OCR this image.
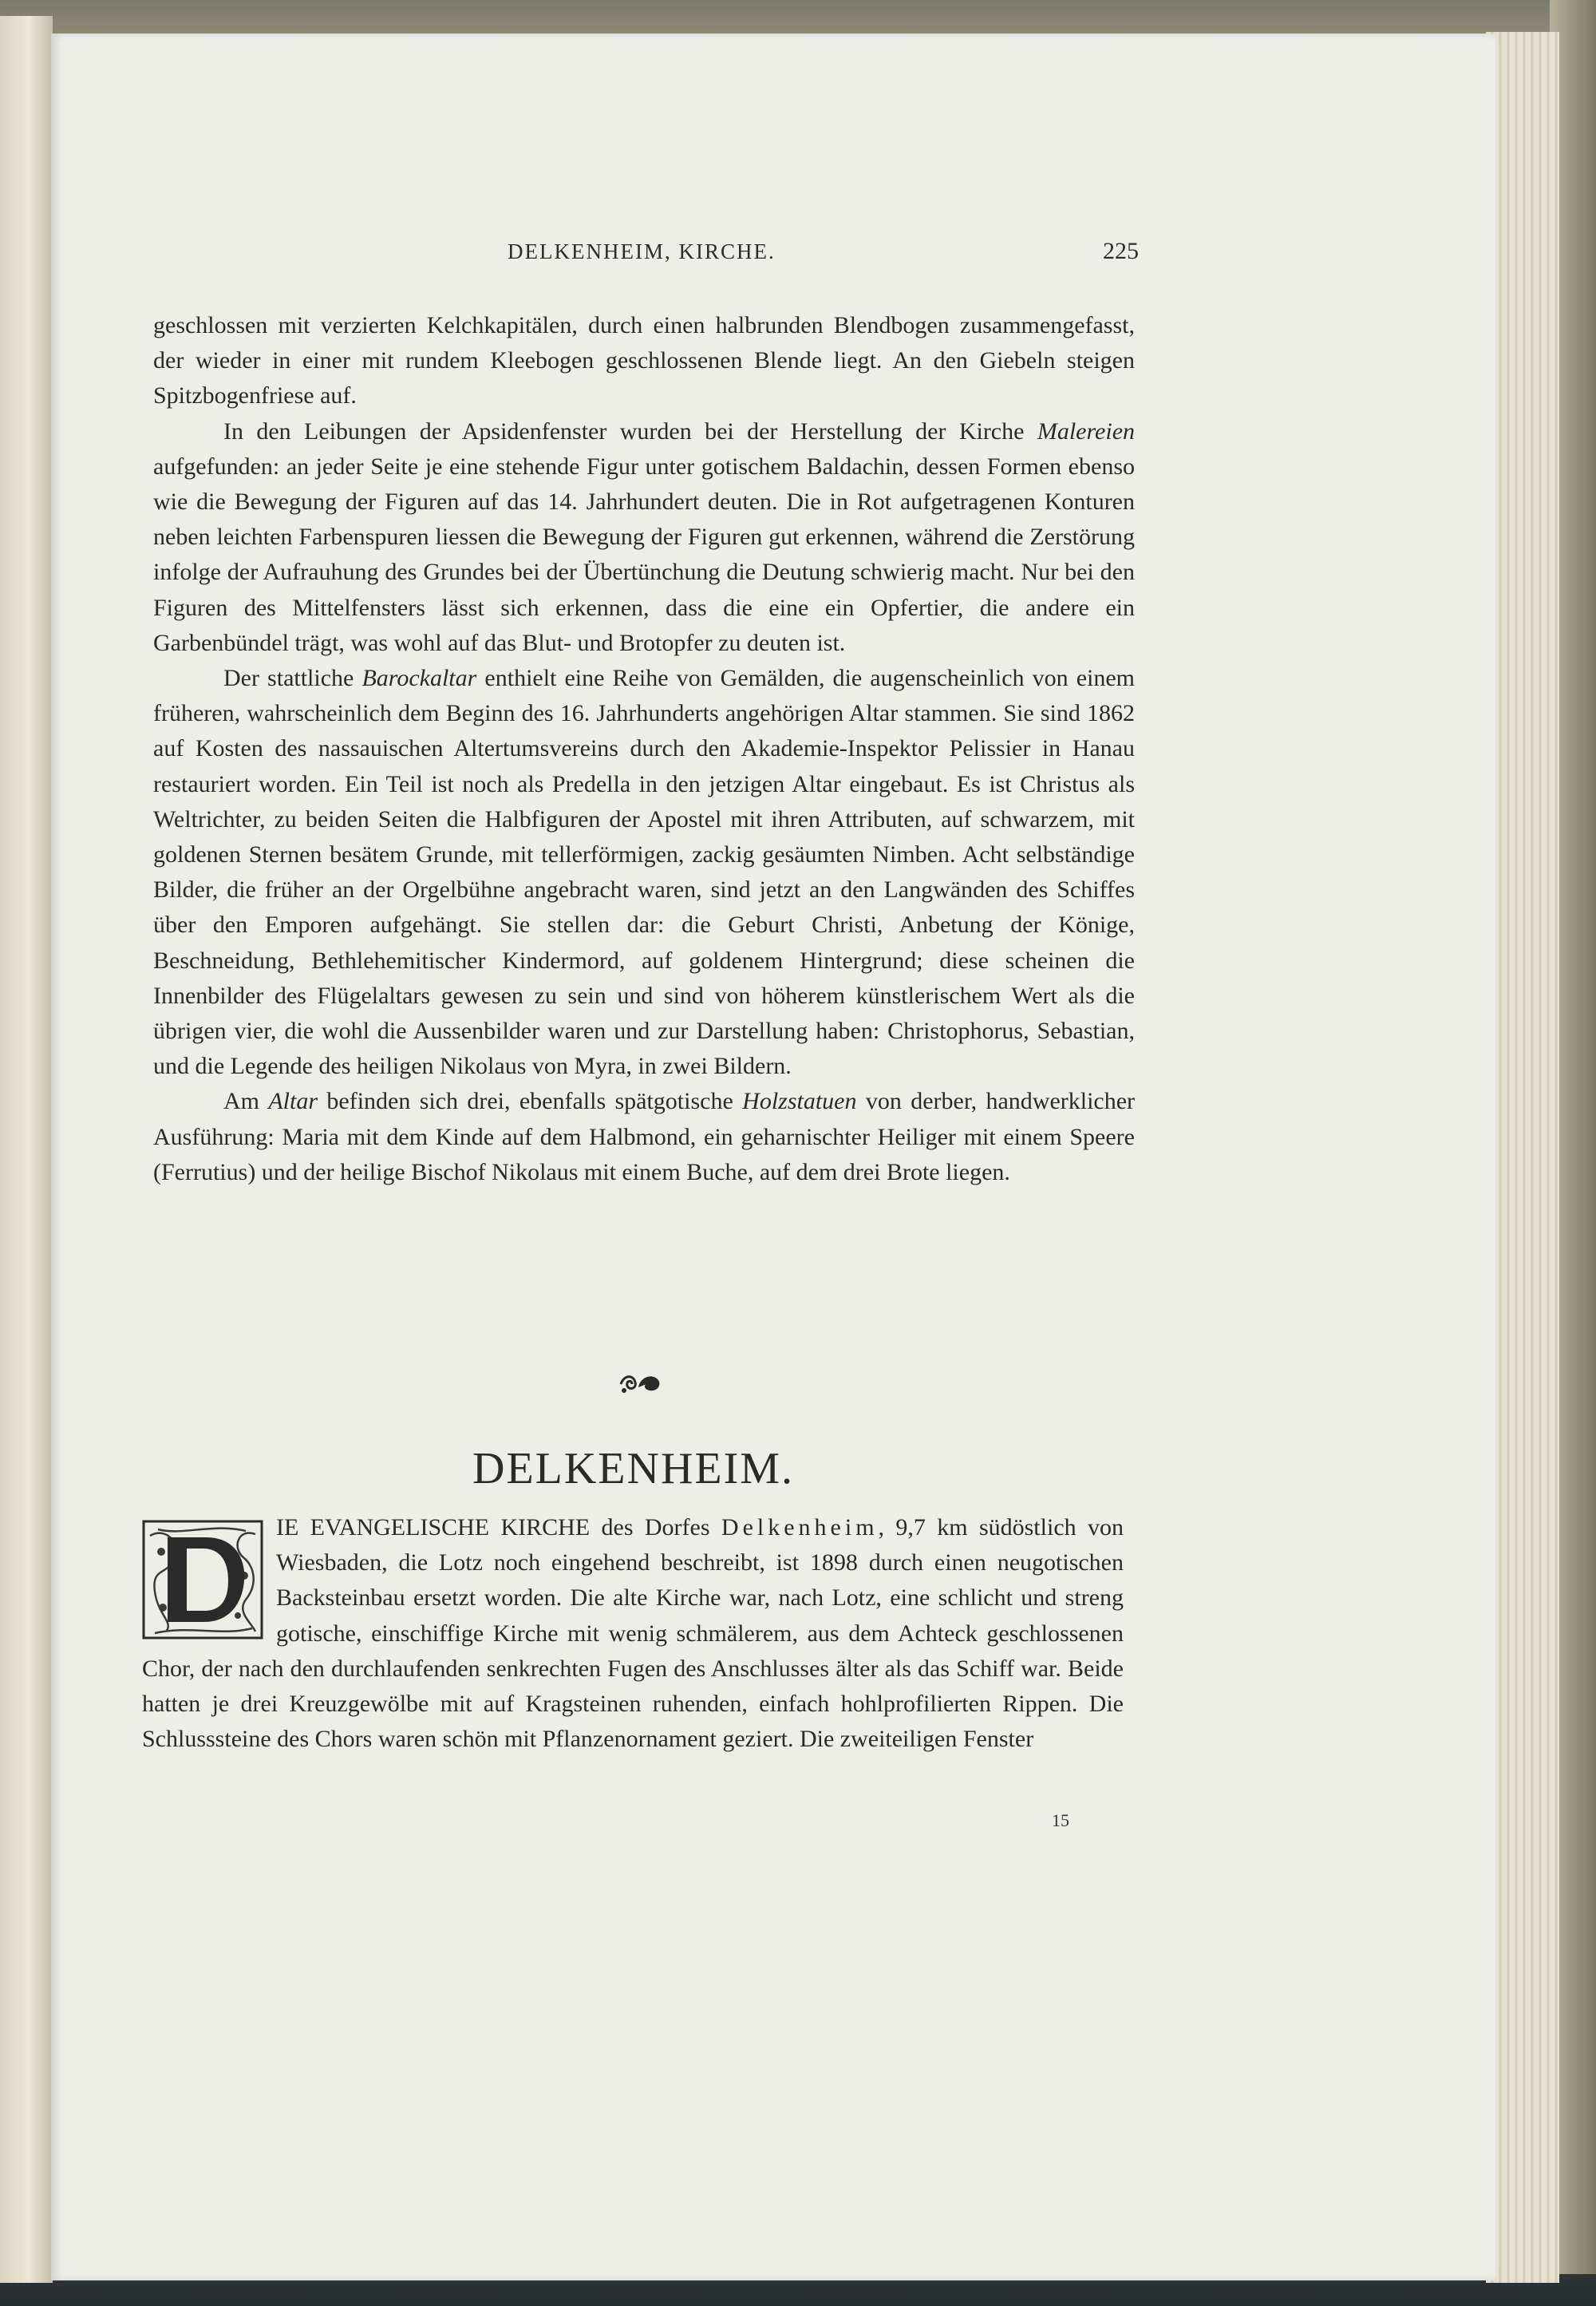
DELKENHEIM, KIRCHE.	225

geschlossen mit verzierten Kelchkapitälen, durch einen halbrunden Blendbogen zusammengefasst, der wieder in einer mit rundem Kleebogen geschlossenen Blende liegt. An den Giebeln steigen Spitzbogenfriese auf.

In den Leibungen der Apsidenfenster wurden bei der Herstellung der Kirche Malereien aufgefunden: an jeder Seite je eine stehende Figur unter gotischem Baldachin, dessen Formen ebenso wie die Bewegung der Figuren auf das 14. Jahrhundert deuten. Die in Rot aufgetragenen Konturen neben leichten Farbenspuren liessen die Bewegung der Figuren gut erkennen, während die Zerstörung infolge der Aufrauhung des Grundes bei der Übertünchung die Deutung schwierig macht. Nur bei den Figuren des Mittelfensters lässt sich erkennen, dass die eine ein Opfertier, die andere ein Garbenbündel trägt, was wohl auf das Blut- und Brotopfer zu deuten ist.

Der stattliche Barockaltar enthielt eine Reihe von Gemälden, die augenscheinlich von einem früheren, wahrscheinlich dem Beginn des 16. Jahrhunderts angehörigen Altar stammen. Sie sind 1862 auf Kosten des nassauischen Altertumsvereins durch den Akademie-Inspektor Pelissier in Hanau restauriert worden. Ein Teil ist noch als Predella in den jetzigen Altar eingebaut. Es ist Christus als Weltrichter, zu beiden Seiten die Halbfiguren der Apostel mit ihren Attributen, auf schwarzem, mit goldenen Sternen besätem Grunde, mit tellerförmigen, zackig gesäumten Nimben. Acht selbständige Bilder, die früher an der Orgelbühne angebracht waren, sind jetzt an den Langwänden des Schiffes über den Emporen aufgehängt. Sie stellen dar: die Geburt Christi, Anbetung der Könige, Beschneidung, Bethlehemitischer Kindermord, auf goldenem Hintergrund; diese scheinen die Innenbilder des Flügelaltars gewesen zu sein und sind von höherem künstlerischem Wert als die übrigen vier, die wohl die Aussenbilder waren und zur Darstellung haben: Christophorus, Sebastian, und die Legende des heiligen Nikolaus von Myra, in zwei Bildern.

Am Altar befinden sich drei, ebenfalls spätgotische Holzstatuen von derber, handwerklicher Ausführung: Maria mit dem Kinde auf dem Halbmond, ein geharnischter Heiliger mit einem Speere (Ferrutius) und der heilige Bischof Nikolaus mit einem Buche, auf dem drei Brote liegen.

DELKENHEIM.

IE EVANGELISCHE KIRCHE des Dorfes Delkenheim, 9,7 km südöstlich von Wiesbaden, die Lotz noch eingehend beschreibt, ist 1898 durch einen neugotischen Backsteinbau ersetzt worden. Die alte Kirche war, nach Lotz, eine schlicht und streng gotische, einschiffige Kirche mit wenig schmälerem, aus dem Achteck geschlossenen Chor, der nach den durchlaufenden senkrechten Fugen des Anschlusses älter als das Schiff war. Beide hatten je drei Kreuzgewölbe mit auf Kragsteinen ruhenden, einfach hohlprofilierten Rippen. Die Schlusssteine des Chors waren schön mit Pflanzenornament geziert. Die zweiteiligen Fenster

15
